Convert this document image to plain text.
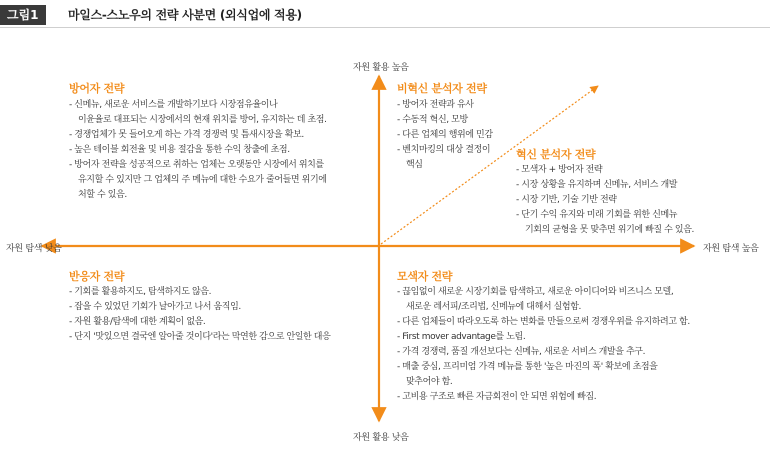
그림1	마일스-스노우의 전략 사분면 (외식업에 적용)
자원 활용 높음
자원 활용 낮음
자원 탐색 낮음	자원 탐색 높음
방어자 전략
- 신메뉴, 새로운 서비스를 개발하기보다 시장점유율이나
이윤율로 대표되는 시장에서의 현재 위치를 방어, 유지하는 데 초점.
- 경쟁업체가 못 들어오게 하는 가격 경쟁력 및 틈새시장을 확보.
- 높은 테이블 회전율 및 비용 절감을 통한 수익 창출에 초점.
- 방어자 전략을 성공적으로 취하는 업체는 오랫동안 시장에서 위치를
유지할 수 있지만 그 업체의 주 메뉴에 대한 수요가 줄어들면 위기에
처할 수 있음.
비혁신 분석자 전략
- 방어자 전략과 유사
- 수동적 혁신, 모방
- 다른 업체의 행위에 민감
- 벤치마킹의 대상 결정이
핵심
혁신 분석자 전략
- 모색자 + 방어자 전략
- 시장 상황을 유지하며 신메뉴, 서비스 개발
- 시장 기반, 기술 기반 전략
- 단기 수익 유지와 미래 기회를 위한 신메뉴
기회의 균형을 못 맞추면 위기에 빠질 수 있음.
반응자 전략
- 기회를 활용하지도, 탐색하지도 않음.
- 잡을 수 있었던 기회가 날아가고 나서 움직임.
- 자원 활용/탐색에 대한 계획이 없음.
- 단지 '맛있으면 결국엔 알아줄 것이다'라는 막연한 감으로 안일한 대응
모색자 전략
- 끊임없이 새로운 시장기회를 탐색하고, 새로운 아이디어와 비즈니스 모델,
새로운 레서피/조리법, 신메뉴에 대해서 실험함.
- 다른 업체들이 따라오도록 하는 변화를 만들으로써 경쟁우위를 유지하려고 함.
- First mover advantage를 노림.
- 가격 경쟁력, 품질 개선보다는 신메뉴, 새로운 서비스 개발을 추구.
- 매출 중심, 프리미엄 가격 메뉴를 통한 '높은 마진의 폭' 확보에 초점을
맞추어야 함.
- 고비용 구조로 빠른 자금회전이 안 되면 위험에 빠짐.
